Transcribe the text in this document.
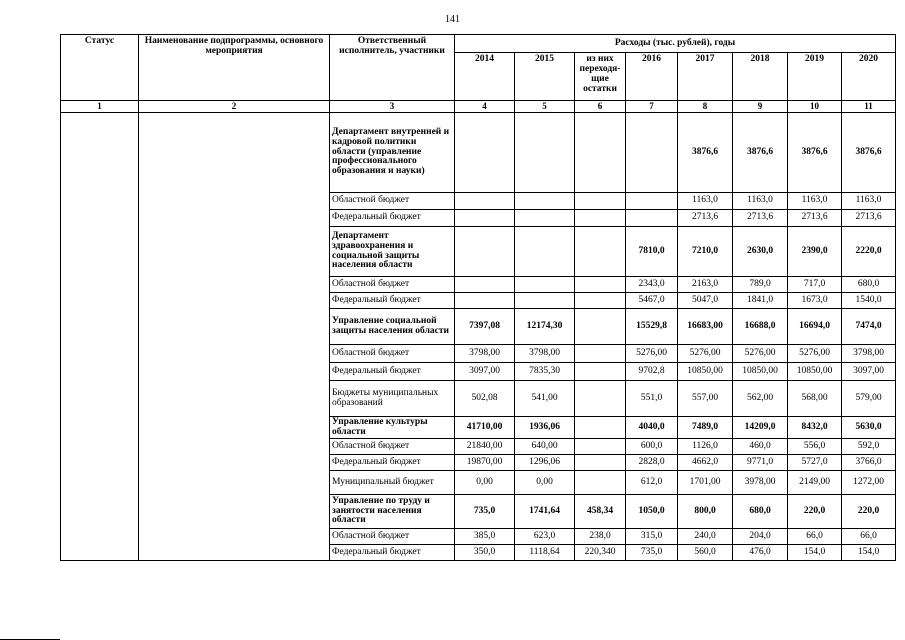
141
Статус	Наименование подпрограммы, основного мероприятия	Ответственный исполнитель, участники	Расходы (тыс. рублей), годы							
			2014	2015	из них переходя-щие остатки	2016	2017	2018	2019	2020
1	2	3	4	5	6	7	8	9	10	11
		Департамент внутренней и кадровой политики области (управление профессионального образования и науки)					3876,6	3876,6	3876,6	3876,6
		Областной бюджет					1163,0	1163,0	1163,0	1163,0
		Федеральный бюджет					2713,6	2713,6	2713,6	2713,6
		Департамент здравоохранения и социальной защиты населения области				7810,0	7210,0	2630,0	2390,0	2220,0
		Областной бюджет				2343,0	2163,0	789,0	717,0	680,0
		Федеральный бюджет				5467,0	5047,0	1841,0	1673,0	1540,0
		Управление социальной защиты населения области	7397,08	12174,30		15529,8	16683,00	16688,0	16694,0	7474,0
		Областной бюджет	3798,00	3798,00		5276,00	5276,00	5276,00	5276,00	3798,00
		Федеральный бюджет	3097,00	7835,30		9702,8	10850,00	10850,00	10850,00	3097,00
		Бюджеты муниципальных образований	502,08	541,00		551,0	557,00	562,00	568,00	579,00
		Управление культуры области	41710,00	1936,06		4040,0	7489,0	14209,0	8432,0	5630,0
		Областной бюджет	21840,00	640,00		600,0	1126,0	460,0	556,0	592,0
		Федеральный бюджет	19870,00	1296,06		2828,0	4662,0	9771,0	5727,0	3766,0
		Муниципальный бюджет	0,00	0,00		612,0	1701,00	3978,00	2149,00	1272,00
		Управление по труду и занятости населения области	735,0	1741,64	458,34	1050,0	800,0	680,0	220,0	220,0
		Областной бюджет	385,0	623,0	238,0	315,0	240,0	204,0	66,0	66,0
		Федеральный бюджет	350,0	1118,64	220,340	735,0	560,0	476,0	154,0	154,0
